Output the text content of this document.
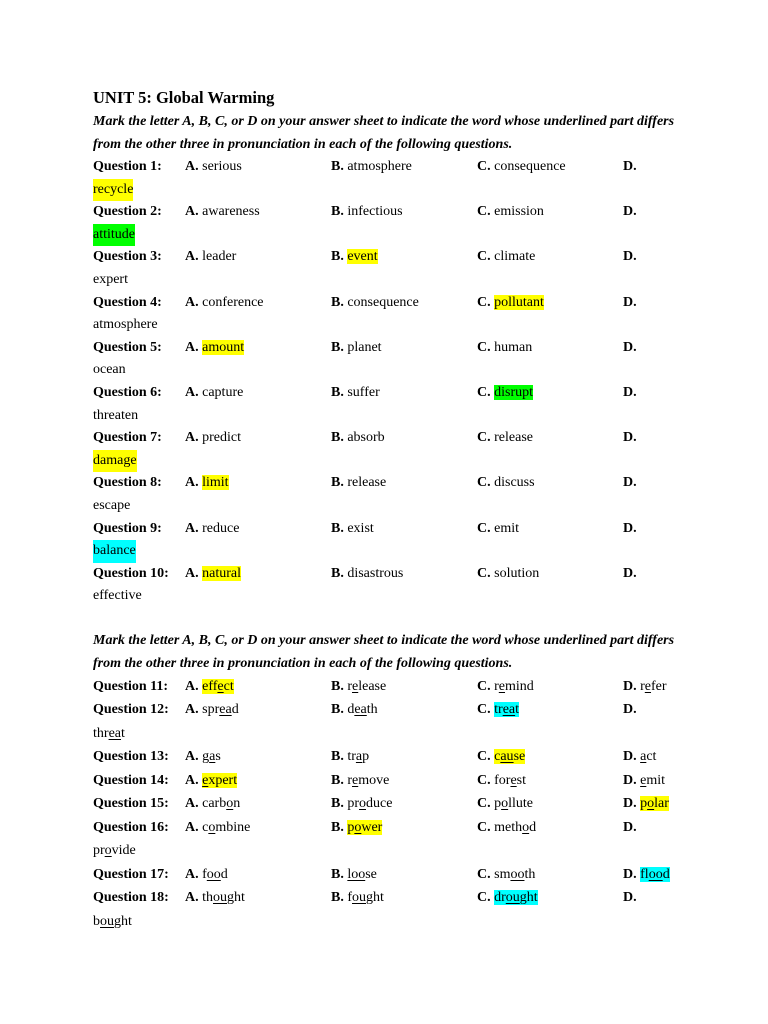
UNIT 5: Global Warming
Mark the letter A, B, C, or D on your answer sheet to indicate the word whose underlined part differs from the other three in pronunciation in each of the following questions.
Question 1: A. serious	B. atmosphere	C. consequence	D.
recycle
Question 2: A. awareness	B. infectious	C. emission	D.
attitude
Question 3: A. leader	B. event	C. climate	D.
expert
Question 4: A. conference	B. consequence	C. pollutant	D.
atmosphere
Question 5: A. amount	B. planet	C. human	D.
ocean
Question 6: A. capture	B. suffer	C. disrupt	D.
threaten
Question 7: A. predict	B. absorb	C. release	D.
damage
Question 8: A. limit	B. release	C. discuss	D.
escape
Question 9: A. reduce	B. exist	C. emit	D.
balance
Question 10: A. natural	B. disastrous	C. solution	D.
effective
Mark the letter A, B, C, or D on your answer sheet to indicate the word whose underlined part differs from the other three in pronunciation in each of the following questions.
Question 11: A. effect	B. release	C. remind	D. refer
Question 12: A. spread	B. death	C. treat	D.
threat
Question 13: A. gas	B. trap	C. cause	D. act
Question 14: A. expert	B. remove	C. forest	D. emit
Question 15: A. carbon	B. produce	C. pollute	D. polar
Question 16: A. combine	B. power	C. method	D.
provide
Question 17: A. food	B. loose	C. smooth	D. flood
Question 18: A. thought	B. fought	C. drought	D.
bought
